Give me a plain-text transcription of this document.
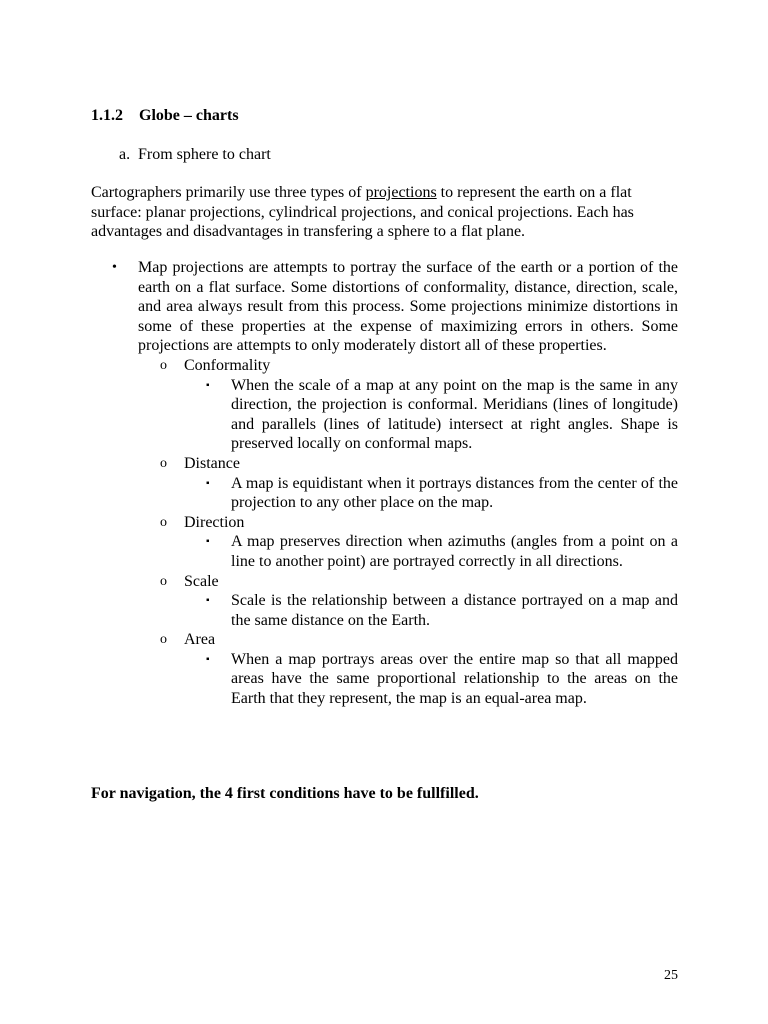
1.1.2 Globe – charts
a. From sphere to chart
Cartographers primarily use three types of projections to represent the earth on a flat surface: planar projections, cylindrical projections, and conical projections. Each has advantages and disadvantages in transfering a sphere to a flat plane.
• Map projections are attempts to portray the surface of the earth or a portion of the earth on a flat surface. Some distortions of conformality, distance, direction, scale, and area always result from this process. Some projections minimize distortions in some of these properties at the expense of maximizing errors in others. Some projections are attempts to only moderately distort all of these properties.
o Conformality
▪ When the scale of a map at any point on the map is the same in any direction, the projection is conformal. Meridians (lines of longitude) and parallels (lines of latitude) intersect at right angles. Shape is preserved locally on conformal maps.
o Distance
▪ A map is equidistant when it portrays distances from the center of the projection to any other place on the map.
o Direction
▪ A map preserves direction when azimuths (angles from a point on a line to another point) are portrayed correctly in all directions.
o Scale
▪ Scale is the relationship between a distance portrayed on a map and the same distance on the Earth.
o Area
▪ When a map portrays areas over the entire map so that all mapped areas have the same proportional relationship to the areas on the Earth that they represent, the map is an equal-area map.
For navigation, the 4 first conditions have to be fullfilled.
25
